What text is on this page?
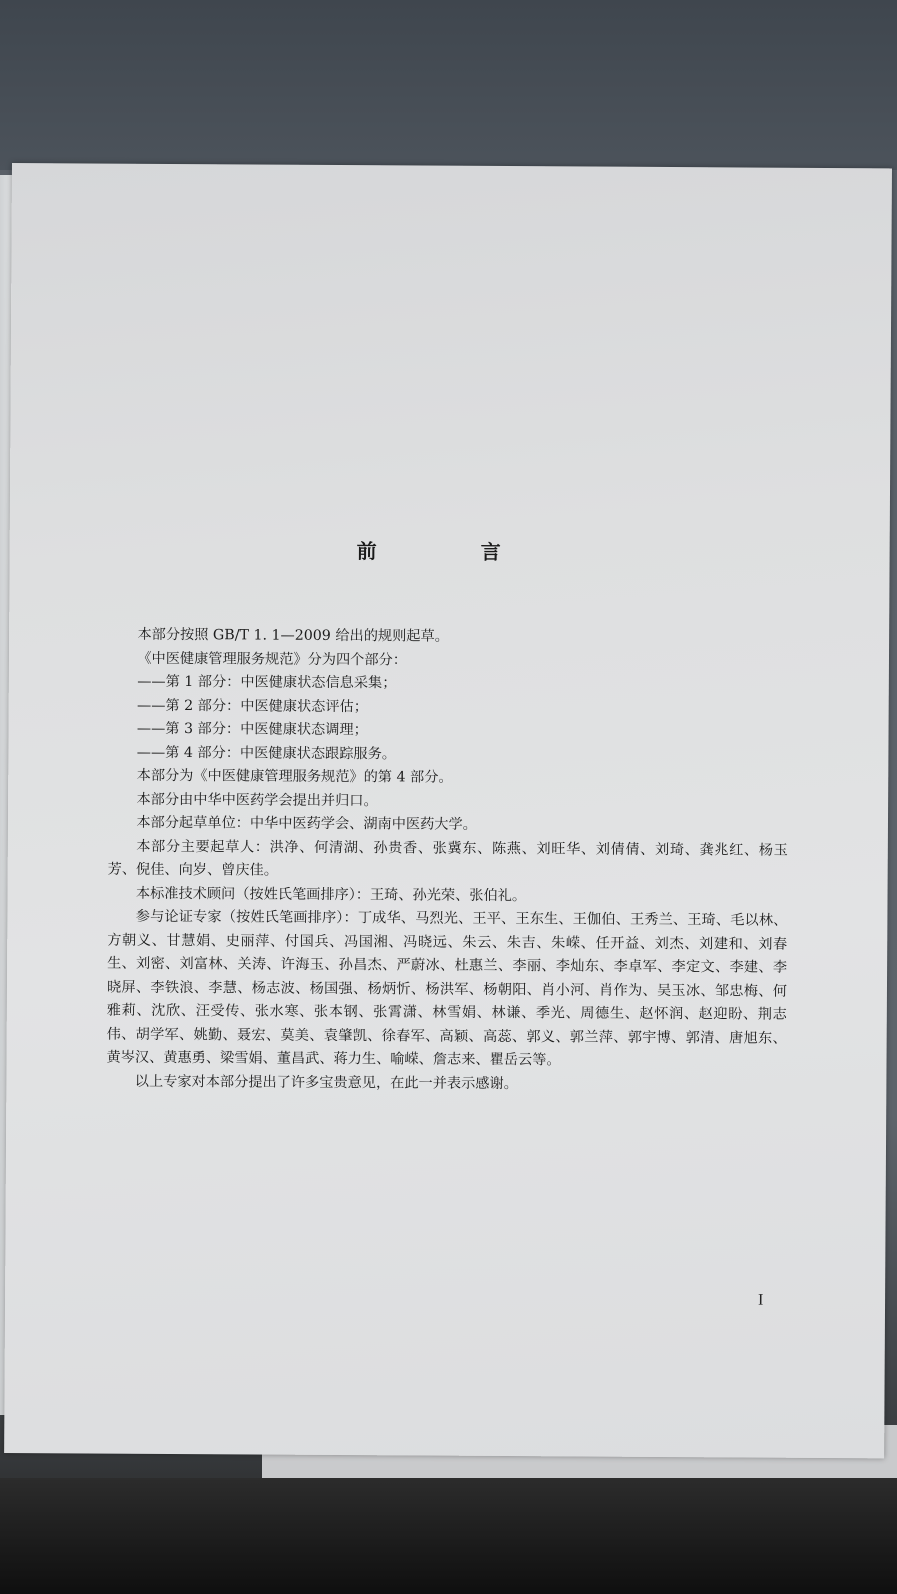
前　言

本部分按照 GB/T 1. 1—2009 给出的规则起草。

《中医健康管理服务规范》分为四个部分：

——第 1 部分：中医健康状态信息采集；

——第 2 部分：中医健康状态评估；

——第 3 部分：中医健康状态调理；

——第 4 部分：中医健康状态跟踪服务。

本部分为《中医健康管理服务规范》的第 4 部分。

本部分由中华中医药学会提出并归口。

本部分起草单位：中华中医药学会、湖南中医药大学。

本部分主要起草人：洪净、何清湖、孙贵香、张冀东、陈燕、刘旺华、刘倩倩、刘琦、龚兆红、杨玉芳、倪佳、向岁、曾庆佳。

本标准技术顾问（按姓氏笔画排序）：王琦、孙光荣、张伯礼。

参与论证专家（按姓氏笔画排序）：丁成华、马烈光、王平、王东生、王伽伯、王秀兰、王琦、毛以林、方朝义、甘慧娟、史丽萍、付国兵、冯国湘、冯晓远、朱云、朱吉、朱嵘、任开益、刘杰、刘建和、刘春生、刘密、刘富林、关涛、许海玉、孙昌杰、严蔚冰、杜惠兰、李丽、李灿东、李卓军、李定文、李建、李晓屏、李铁浪、李慧、杨志波、杨国强、杨炳忻、杨洪军、杨朝阳、肖小河、肖作为、吴玉冰、邹忠梅、何雅莉、沈欣、汪受传、张水寒、张本钢、张霄潇、林雪娟、林谦、季光、周德生、赵怀润、赵迎盼、荆志伟、胡学军、姚勤、聂宏、莫美、袁肇凯、徐春军、高颖、高蕊、郭义、郭兰萍、郭宇博、郭清、唐旭东、黄岑汉、黄惠勇、梁雪娟、董昌武、蒋力生、喻嵘、詹志来、瞿岳云等。

以上专家对本部分提出了许多宝贵意见，在此一并表示感谢。

I
